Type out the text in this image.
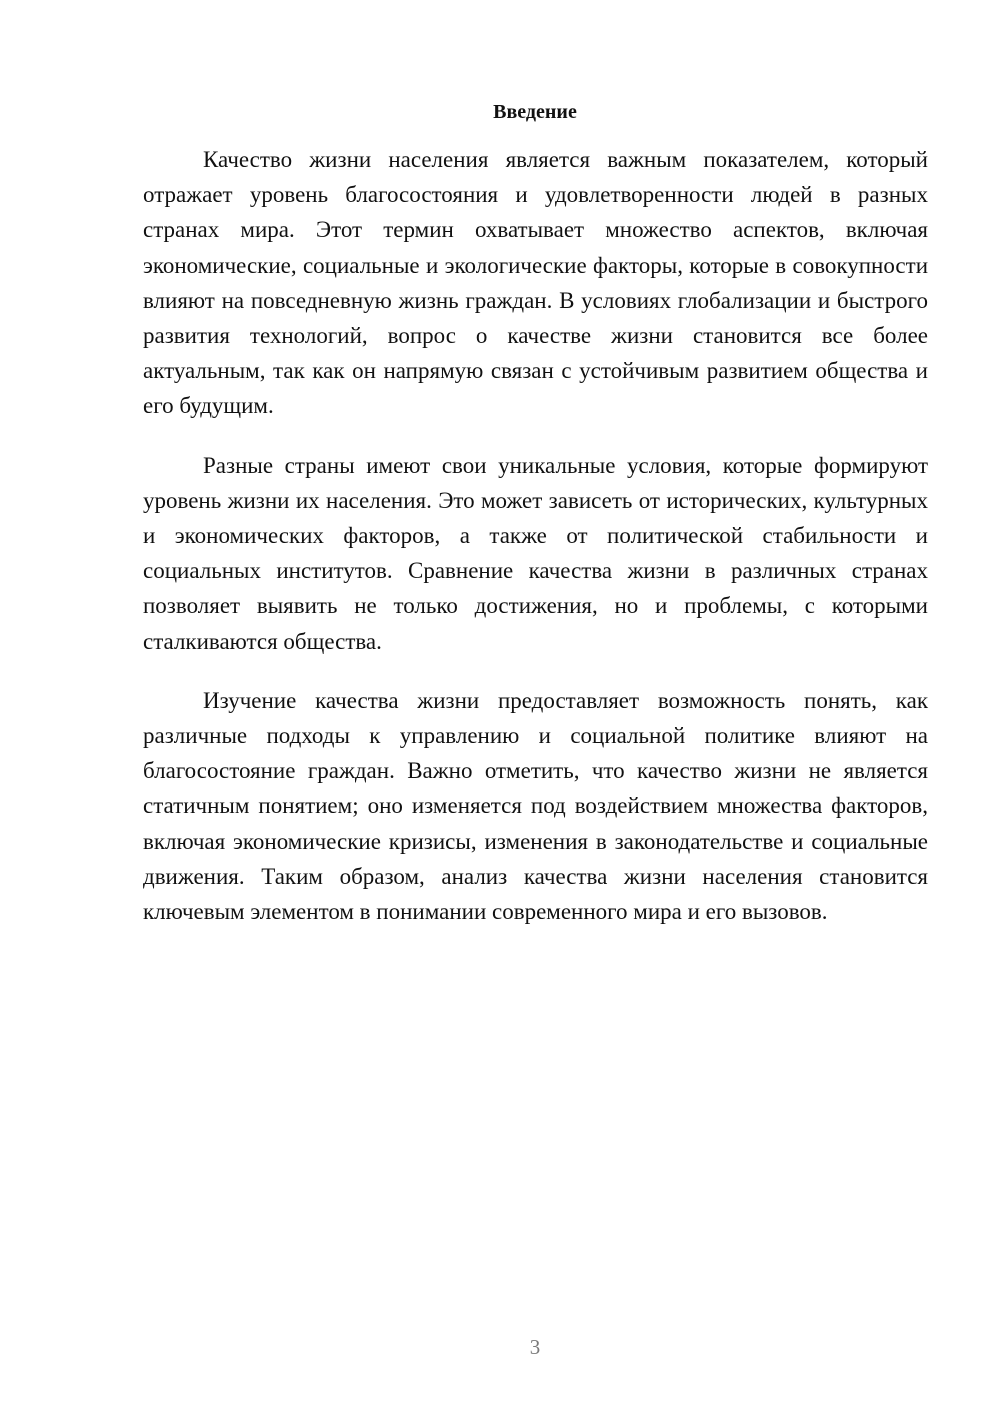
Введение

Качество жизни населения является важным показателем, который отражает уровень благосостояния и удовлетворенности людей в разных странах мира. Этот термин охватывает множество аспектов, включая экономические, социальные и экологические факторы, которые в совокупности влияют на повседневную жизнь граждан. В условиях глобализации и быстрого развития технологий, вопрос о качестве жизни становится все более актуальным, так как он напрямую связан с устойчивым развитием общества и его будущим.

Разные страны имеют свои уникальные условия, которые формируют уровень жизни их населения. Это может зависеть от исторических, культурных и экономических факторов, а также от политической стабильности и социальных институтов. Сравнение качества жизни в различных странах позволяет выявить не только достижения, но и проблемы, с которыми сталкиваются общества.

Изучение качества жизни предоставляет возможность понять, как различные подходы к управлению и социальной политике влияют на благосостояние граждан. Важно отметить, что качество жизни не является статичным понятием; оно изменяется под воздействием множества факторов, включая экономические кризисы, изменения в законодательстве и социальные движения. Таким образом, анализ качества жизни населения становится ключевым элементом в понимании современного мира и его вызовов.

3
